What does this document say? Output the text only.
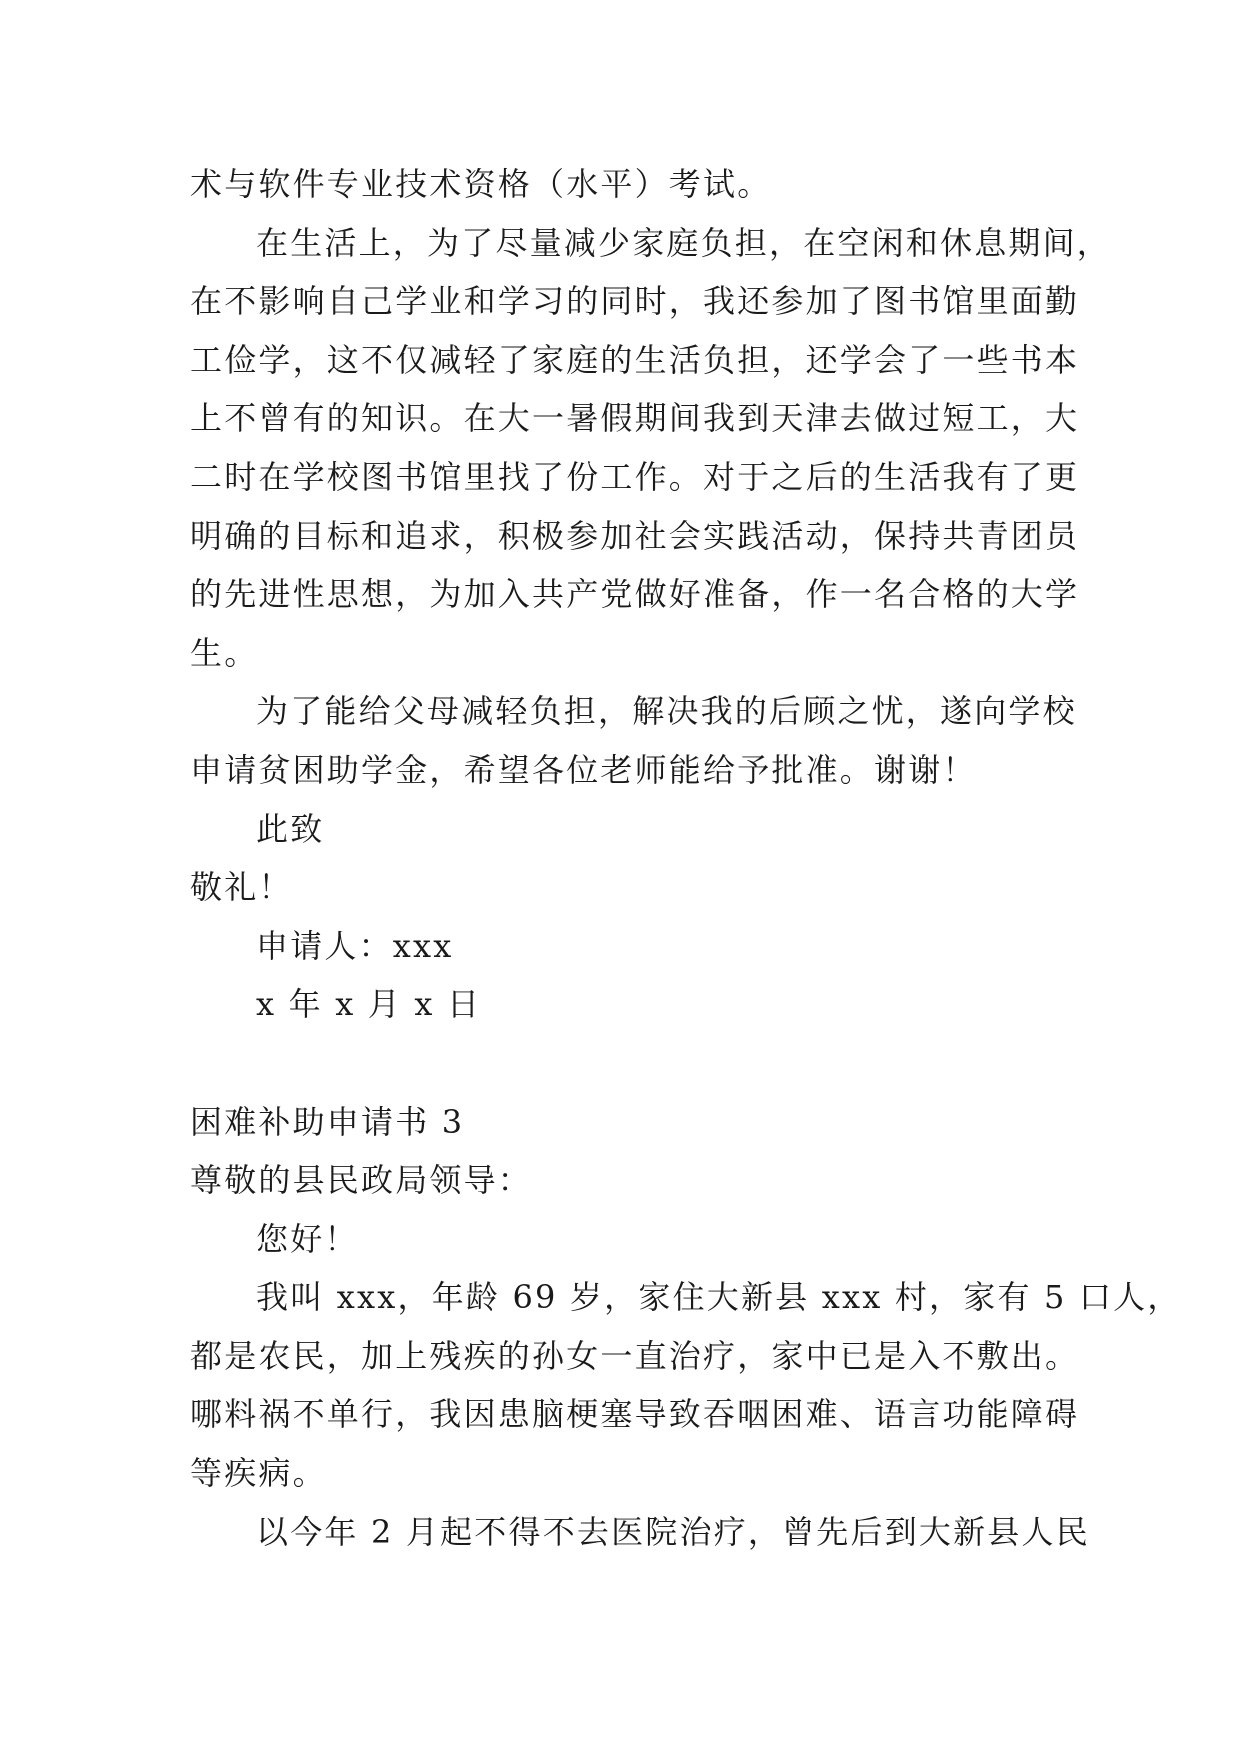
术与软件专业技术资格（水平）考试。
在生活上，为了尽量减少家庭负担，在空闲和休息期间，
在不影响自己学业和学习的同时，我还参加了图书馆里面勤
工俭学，这不仅减轻了家庭的生活负担，还学会了一些书本
上不曾有的知识。在大一暑假期间我到天津去做过短工，大
二时在学校图书馆里找了份工作。对于之后的生活我有了更
明确的目标和追求，积极参加社会实践活动，保持共青团员
的先进性思想，为加入共产党做好准备，作一名合格的大学
生。
为了能给父母减轻负担，解决我的后顾之忧，遂向学校
申请贫困助学金，希望各位老师能给予批准。谢谢！
此致
敬礼！
申请人：xxx
x 年 x 月 x 日
困难补助申请书 3
尊敬的县民政局领导：
您好！
我叫 xxx，年龄 69 岁，家住大新县 xxx 村，家有 5 口人，
都是农民，加上残疾的孙女一直治疗，家中已是入不敷出。
哪料祸不单行，我因患脑梗塞导致吞咽困难、语言功能障碍
等疾病。
以今年 2 月起不得不去医院治疗，曾先后到大新县人民
